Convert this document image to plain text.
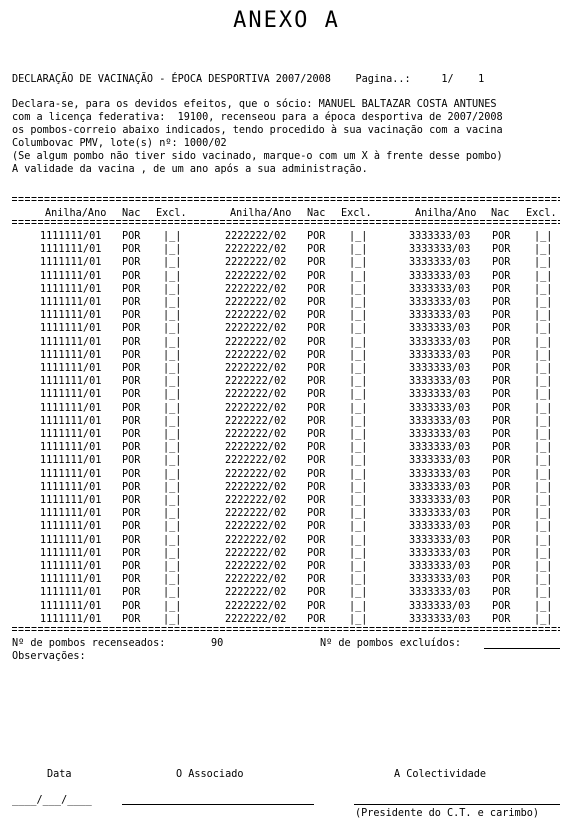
ANEXO A
DECLARAÇÃO DE VACINAÇÃO - ÉPOCA DESPORTIVA 2007/2008    Pagina..:     1/    1
Declara-se, para os devidos efeitos, que o sócio: MANUEL BALTAZAR COSTA ANTUNES
com a licença federativa:  19100, recenseou para a época desportiva de 2007/2008
os pombos-correio abaixo indicados, tendo procedido à sua vacinação com a vacina
Columbovac PMV, lote(s) nº: 1000/02
(Se algum pombo não tiver sido vacinado, marque-o com um X à frente desse pombo)
A validade da vacina , de um ano após a sua administração.
Anilha/Ano Nac Excl.	Anilha/Ano Nac Excl.	Anilha/Ano Nac Excl.
1111111/01 POR |_|	2222222/02 POR |_|	3333333/03 POR |_|
1111111/01 POR |_|	2222222/02 POR |_|	3333333/03 POR |_|
1111111/01 POR |_|	2222222/02 POR |_|	3333333/03 POR |_|
1111111/01 POR |_|	2222222/02 POR |_|	3333333/03 POR |_|
1111111/01 POR |_|	2222222/02 POR |_|	3333333/03 POR |_|
1111111/01 POR |_|	2222222/02 POR |_|	3333333/03 POR |_|
1111111/01 POR |_|	2222222/02 POR |_|	3333333/03 POR |_|
1111111/01 POR |_|	2222222/02 POR |_|	3333333/03 POR |_|
1111111/01 POR |_|	2222222/02 POR |_|	3333333/03 POR |_|
1111111/01 POR |_|	2222222/02 POR |_|	3333333/03 POR |_|
1111111/01 POR |_|	2222222/02 POR |_|	3333333/03 POR |_|
1111111/01 POR |_|	2222222/02 POR |_|	3333333/03 POR |_|
1111111/01 POR |_|	2222222/02 POR |_|	3333333/03 POR |_|
1111111/01 POR |_|	2222222/02 POR |_|	3333333/03 POR |_|
1111111/01 POR |_|	2222222/02 POR |_|	3333333/03 POR |_|
1111111/01 POR |_|	2222222/02 POR |_|	3333333/03 POR |_|
1111111/01 POR |_|	2222222/02 POR |_|	3333333/03 POR |_|
1111111/01 POR |_|	2222222/02 POR |_|	3333333/03 POR |_|
1111111/01 POR |_|	2222222/02 POR |_|	3333333/03 POR |_|
1111111/01 POR |_|	2222222/02 POR |_|	3333333/03 POR |_|
1111111/01 POR |_|	2222222/02 POR |_|	3333333/03 POR |_|
1111111/01 POR |_|	2222222/02 POR |_|	3333333/03 POR |_|
1111111/01 POR |_|	2222222/02 POR |_|	3333333/03 POR |_|
1111111/01 POR |_|	2222222/02 POR |_|	3333333/03 POR |_|
1111111/01 POR |_|	2222222/02 POR |_|	3333333/03 POR |_|
1111111/01 POR |_|	2222222/02 POR |_|	3333333/03 POR |_|
1111111/01 POR |_|	2222222/02 POR |_|	3333333/03 POR |_|
1111111/01 POR |_|	2222222/02 POR |_|	3333333/03 POR |_|
1111111/01 POR |_|	2222222/02 POR |_|	3333333/03 POR |_|
1111111/01 POR |_|	2222222/02 POR |_|	3333333/03 POR |_|
Nº de pombos recenseados:	90	Nº de pombos excluídos:
Observações:
Data	O Associado	A Colectividade
____/___/____
(Presidente do C.T. e carimbo)
